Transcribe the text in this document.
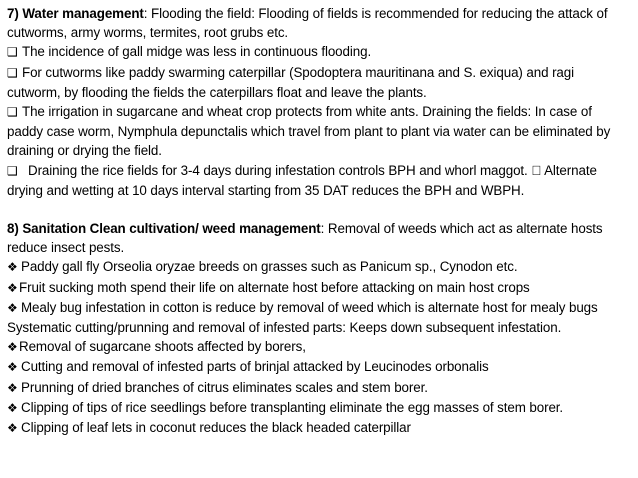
7) Water management: Flooding the field: Flooding of fields is recommended for reducing the attack of cutworms, army worms, termites, root grubs etc.

❑ The incidence of gall midge was less in continuous flooding.

❑ For cutworms like paddy swarming caterpillar (Spodoptera mauritinana and S. exiqua) and ragi cutworm, by flooding the fields the caterpillars float and leave the plants.

❑ The irrigation in sugarcane and wheat crop protects from white ants. Draining the fields: In case of paddy case worm, Nymphula depunctalis which travel from plant to plant via water can be eliminated by draining or drying the field.

❑ Draining the rice fields for 3-4 days during infestation controls BPH and whorl maggot.   Alternate drying and wetting at 10 days interval starting from 35 DAT reduces the BPH and WBPH.

8) Sanitation Clean cultivation/ weed management: Removal of weeds which act as alternate hosts reduce insect pests.

❖ Paddy gall fly Orseolia oryzae breeds on grasses such as Panicum sp., Cynodon etc.

❖Fruit sucking moth spend their life on alternate host before attacking on main host crops

❖ Mealy bug infestation in cotton is reduce by removal of weed which is alternate host for mealy bugs Systematic cutting/prunning and removal of infested parts: Keeps down subsequent infestation.

❖Removal of sugarcane shoots affected by borers,

❖ Cutting and removal of infested parts of brinjal attacked by Leucinodes orbonalis

❖ Prunning of dried branches of citrus eliminates scales and stem borer.

❖ Clipping of tips of rice seedlings before transplanting eliminate the egg masses of stem borer.

❖ Clipping of leaf lets in coconut reduces the black headed caterpillar
